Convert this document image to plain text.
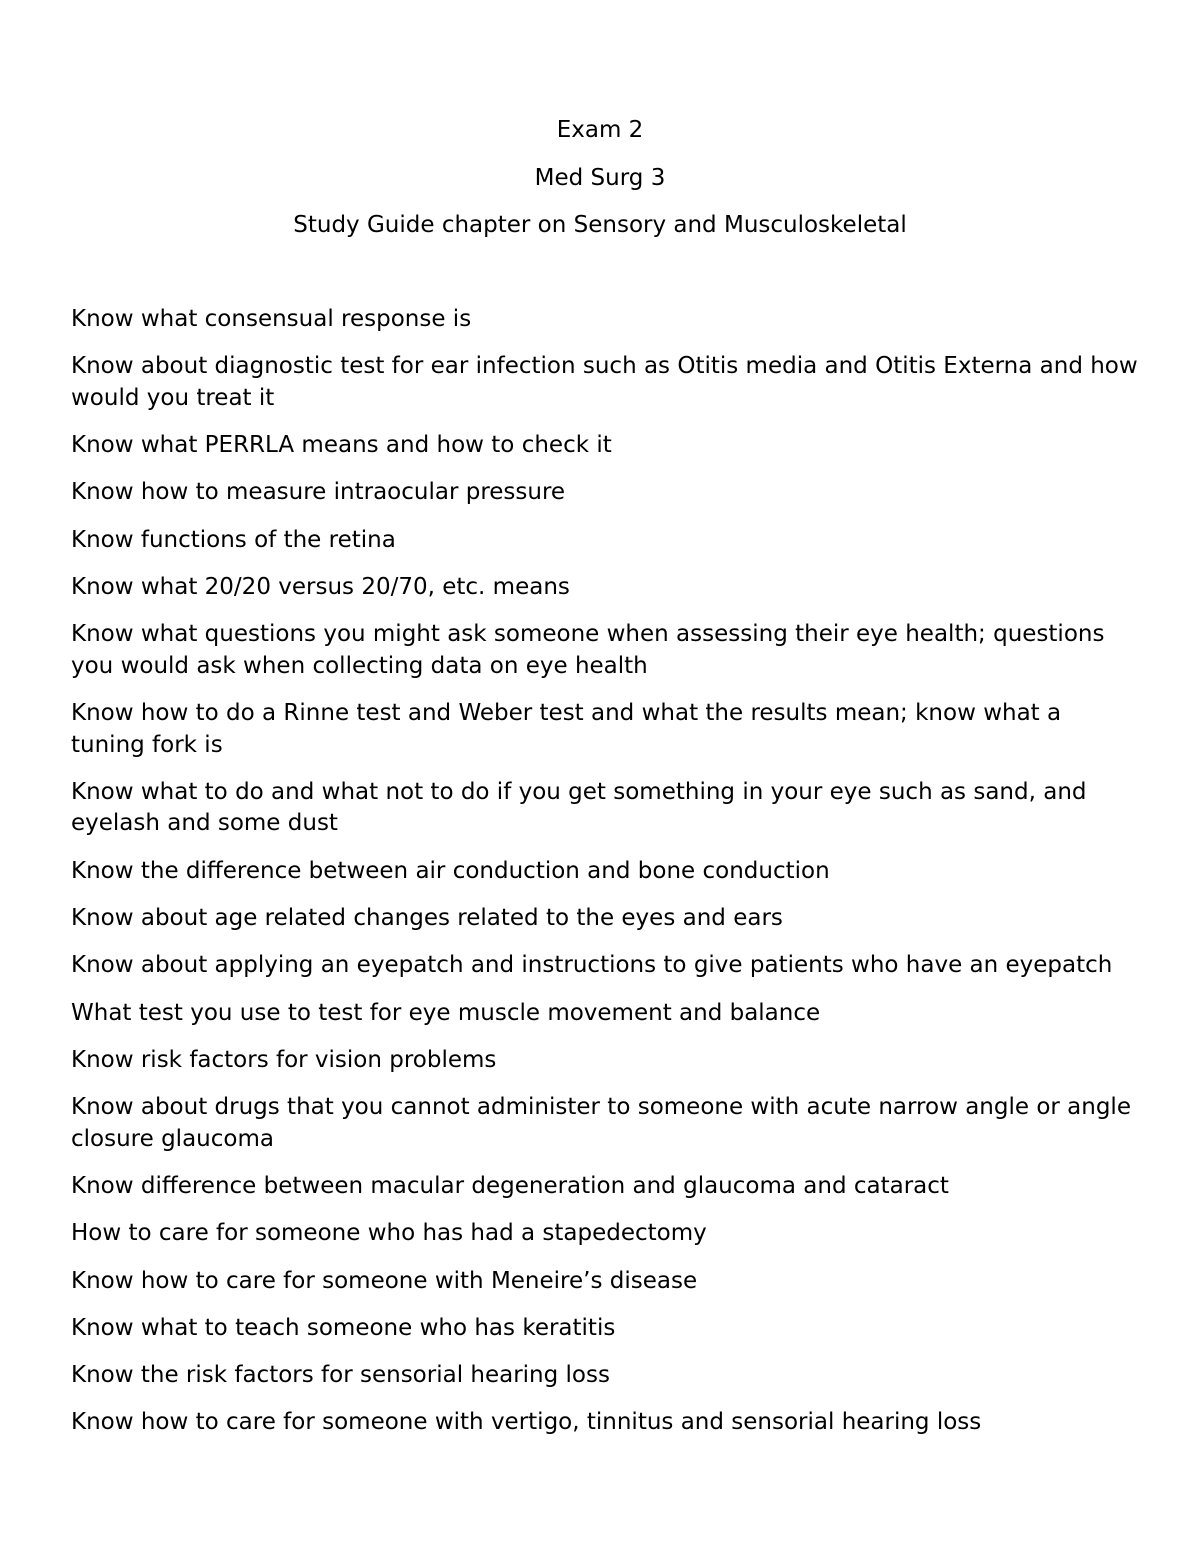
Exam 2
Med Surg 3
Study Guide chapter on Sensory and Musculoskeletal
Know what consensual response is
Know about diagnostic test for ear infection such as Otitis media and Otitis Externa and how would you treat it
Know what PERRLA means and how to check it
Know how to measure intraocular pressure
Know functions of the retina
Know what 20/20 versus 20/70, etc. means
Know what questions you might ask someone when assessing their eye health; questions you would ask when collecting data on eye health
Know how to do a Rinne test and Weber test and what the results mean; know what a tuning fork is
Know what to do and what not to do if you get something in your eye such as sand, and eyelash and some dust
Know the difference between air conduction and bone conduction
Know about age related changes related to the eyes and ears
Know about applying an eyepatch and instructions to give patients who have an eyepatch
What test you use to test for eye muscle movement and balance
Know risk factors for vision problems
Know about drugs that you cannot administer to someone with acute narrow angle or angle closure glaucoma
Know difference between macular degeneration and glaucoma and cataract
How to care for someone who has had a stapedectomy
Know how to care for someone with Meneire’s disease
Know what to teach someone who has keratitis
Know the risk factors for sensorial hearing loss
Know how to care for someone with vertigo, tinnitus and sensorial hearing loss
